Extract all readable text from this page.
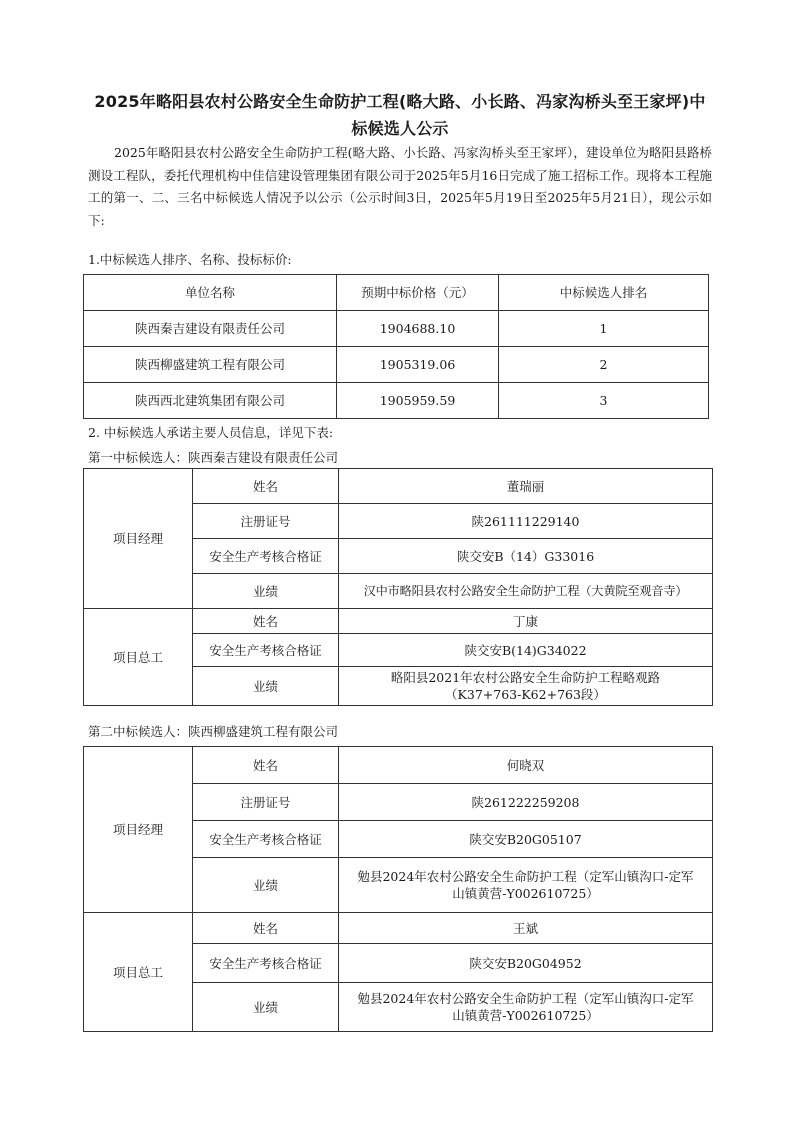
2025年略阳县农村公路安全生命防护工程(略大路、小长路、冯家沟桥头至王家坪)中标候选人公示
2025年略阳县农村公路安全生命防护工程(略大路、小长路、冯家沟桥头至王家坪），建设单位为略阳县路桥测设工程队，委托代理机构中佳信建设管理集团有限公司于2025年5月16日完成了施工招标工作。现将本工程施工的第一、二、三名中标候选人情况予以公示（公示时间3日，2025年5月19日至2025年5月21日），现公示如下:
1.中标候选人排序、名称、投标标价:
单位名称	预期中标价格（元）	中标候选人排名
陕西秦吉建设有限责任公司	1904688.10	1
陕西柳盛建筑工程有限公司	1905319.06	2
陕西西北建筑集团有限公司	1905959.59	3
2. 中标候选人承诺主要人员信息，详见下表:
第一中标候选人：陕西秦吉建设有限责任公司
项目经理	姓名	董瑞丽
	注册证号	陕261111229140
	安全生产考核合格证	陕交安B（14）G33016
	业绩	汉中市略阳县农村公路安全生命防护工程（大黄院至观音寺）
项目总工	姓名	丁康
	安全生产考核合格证	陕交安B(14)G34022
	业绩	略阳县2021年农村公路安全生命防护工程略观路（K37+763-K62+763段）
第二中标候选人：陕西柳盛建筑工程有限公司
项目经理	姓名	何晓双
	注册证号	陕261222259208
	安全生产考核合格证	陕交安B20G05107
	业绩	勉县2024年农村公路安全生命防护工程（定军山镇沟口-定军山镇黄营-Y002610725）
项目总工	姓名	王斌
	安全生产考核合格证	陕交安B20G04952
	业绩	勉县2024年农村公路安全生命防护工程（定军山镇沟口-定军山镇黄营-Y002610725）
